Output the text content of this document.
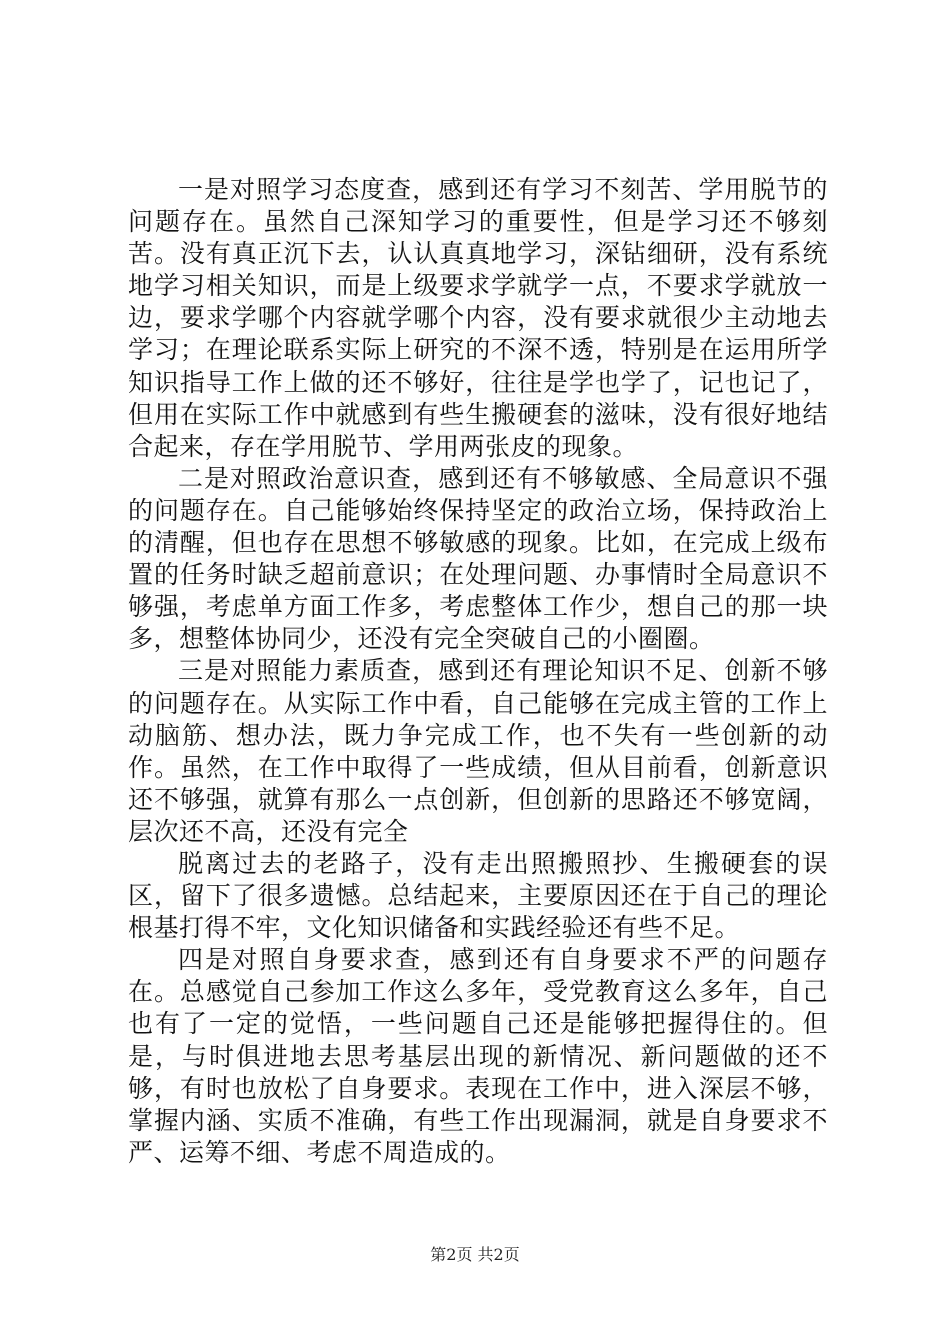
一是对照学习态度查，感到还有学习不刻苦、学用脱节的问题存在。虽然自己深知学习的重要性，但是学习还不够刻苦。没有真正沉下去，认认真真地学习，深钻细研，没有系统地学习相关知识，而是上级要求学就学一点，不要求学就放一边，要求学哪个内容就学哪个内容，没有要求就很少主动地去学习；在理论联系实际上研究的不深不透，特别是在运用所学知识指导工作上做的还不够好，往往是学也学了，记也记了，但用在实际工作中就感到有些生搬硬套的滋味，没有很好地结合起来，存在学用脱节、学用两张皮的现象。

二是对照政治意识查，感到还有不够敏感、全局意识不强的问题存在。自己能够始终保持坚定的政治立场，保持政治上的清醒，但也存在思想不够敏感的现象。比如，在完成上级布置的任务时缺乏超前意识；在处理问题、办事情时全局意识不够强，考虑单方面工作多，考虑整体工作少，想自己的那一块多，想整体协同少，还没有完全突破自己的小圈圈。

三是对照能力素质查，感到还有理论知识不足、创新不够的问题存在。从实际工作中看，自己能够在完成主管的工作上动脑筋、想办法，既力争完成工作，也不失有一些创新的动作。虽然，在工作中取得了一些成绩，但从目前看，创新意识还不够强，就算有那么一点创新，但创新的思路还不够宽阔，层次还不高，还没有完全

脱离过去的老路子，没有走出照搬照抄、生搬硬套的误区，留下了很多遗憾。总结起来，主要原因还在于自己的理论根基打得不牢，文化知识储备和实践经验还有些不足。

四是对照自身要求查，感到还有自身要求不严的问题存在。总感觉自己参加工作这么多年，受党教育这么多年，自己也有了一定的觉悟，一些问题自己还是能够把握得住的。但是，与时俱进地去思考基层出现的新情况、新问题做的还不够，有时也放松了自身要求。表现在工作中，进入深层不够，掌握内涵、实质不准确，有些工作出现漏洞，就是自身要求不严、运筹不细、考虑不周造成的。

第2页 共2页
